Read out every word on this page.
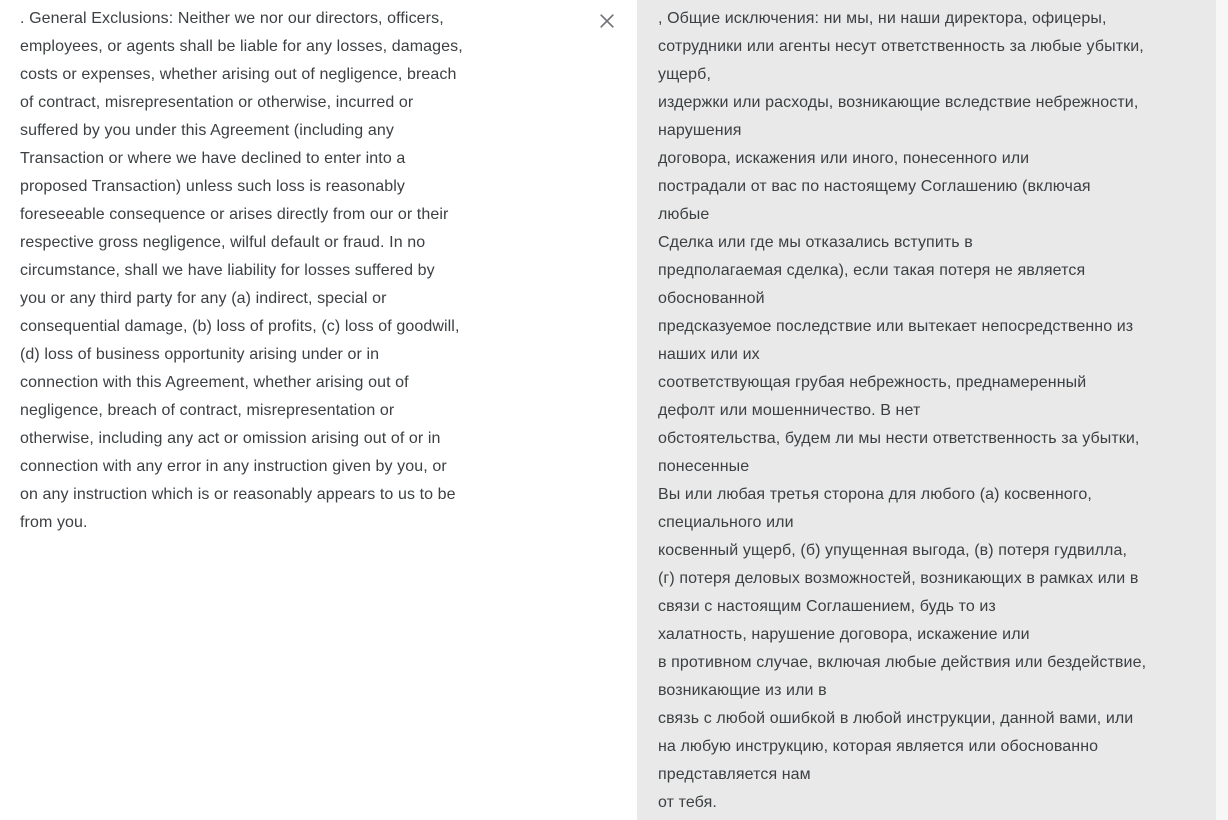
. General Exclusions: Neither we nor our directors, officers,
employees, or agents shall be liable for any losses, damages,
costs or expenses, whether arising out of negligence, breach
of contract, misrepresentation or otherwise, incurred or
suffered by you under this Agreement (including any
Transaction or where we have declined to enter into a
proposed Transaction) unless such loss is reasonably
foreseeable consequence or arises directly from our or their
respective gross negligence, wilful default or fraud. In no
circumstance, shall we have liability for losses suffered by
you or any third party for any (a) indirect, special or
consequential damage, (b) loss of profits, (c) loss of goodwill,
(d) loss of business opportunity arising under or in
connection with this Agreement, whether arising out of
negligence, breach of contract, misrepresentation or
otherwise, including any act or omission arising out of or in
connection with any error in any instruction given by you, or
on any instruction which is or reasonably appears to us to be
from you.
, Общие исключения: ни мы, ни наши директора, офицеры,
сотрудники или агенты несут ответственность за любые убытки,
ущерб,
издержки или расходы, возникающие вследствие небрежности,
нарушения
договора, искажения или иного, понесенного или
пострадали от вас по настоящему Соглашению (включая
любые
Сделка или где мы отказались вступить в
предполагаемая сделка), если такая потеря не является
обоснованной
предсказуемое последствие или вытекает непосредственно из
наших или их
соответствующая грубая небрежность, преднамеренный
дефолт или мошенничество. В нет
обстоятельства, будем ли мы нести ответственность за убытки,
понесенные
Вы или любая третья сторона для любого (а) косвенного,
специального или
косвенный ущерб, (б) упущенная выгода, (в) потеря гудвилла,
(г) потеря деловых возможностей, возникающих в рамках или в
связи с настоящим Соглашением, будь то из
халатность, нарушение договора, искажение или
в противном случае, включая любые действия или бездействие,
возникающие из или в
связь с любой ошибкой в любой инструкции, данной вами, или
на любую инструкцию, которая является или обоснованно
представляется нам
от тебя.
